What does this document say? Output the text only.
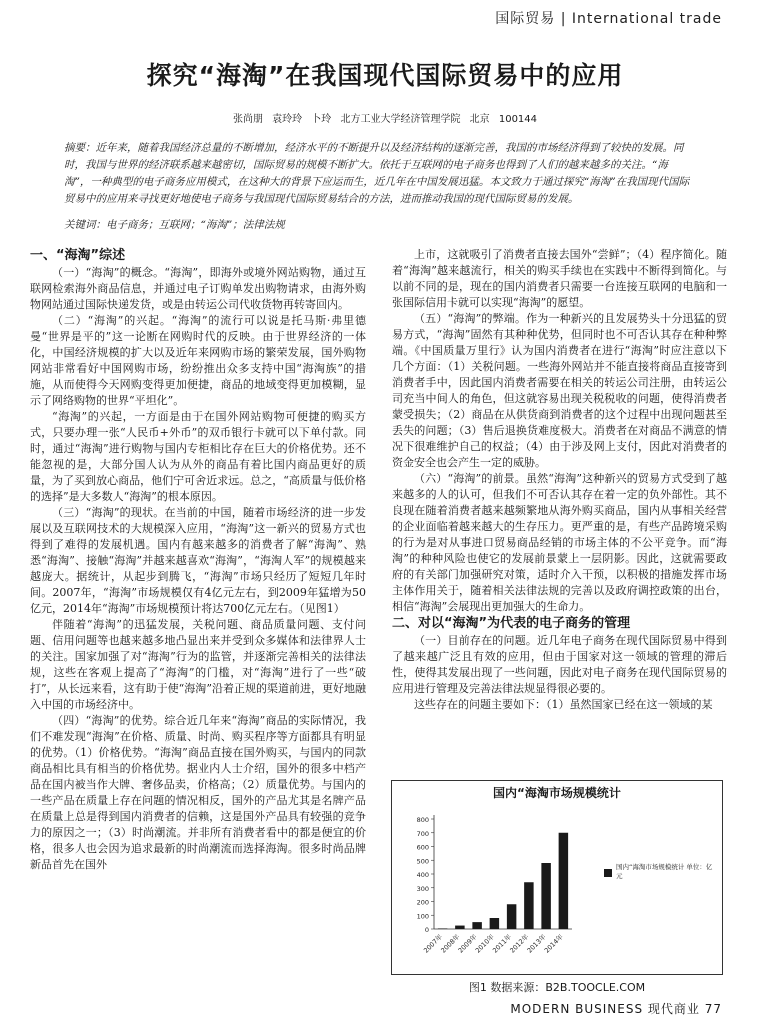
国际贸易 | International trade
探究“海淘”在我国现代国际贸易中的应用
张尚朋 袁玲玲 卜玲 北方工业大学经济管理学院 北京 100144
摘要：近年来，随着我国经济总量的不断增加，经济水平的不断提升以及经济结构的逐渐完善，我国的市场经济得到了较快的发展。同时，我国与世界的经济联系越来越密切，国际贸易的规模不断扩大。依托于互联网的电子商务也得到了人们的越来越多的关注。“海淘”，一种典型的电子商务应用模式，在这种大的背景下应运而生，近几年在中国发展迅猛。本文致力于通过探究“海淘”在我国现代国际贸易中的应用来寻找更好地使电子商务与我国现代国际贸易结合的方法，进而推动我国的现代国际贸易的发展。
关键词：电子商务；互联网；“海淘”；法律法规
一、“海淘”综述

（一）“海淘”的概念。“海淘”，即海外或境外网站购物，通过互联网检索海外商品信息，并通过电子订购单发出购物请求，由海外购物网站通过国际快递发货，或是由转运公司代收货物再转寄回内。

（二）“海淘”的兴起。“海淘”的流行可以说是托马斯·弗里德曼“世界是平的”这一论断在网购时代的反映。由于世界经济的一体化，中国经济规模的扩大以及近年来网购市场的繁荣发展，国外购物网站非常看好中国网购市场，纷纷推出众多支持中国“海淘族”的措施，从而使得今天网购变得更加便捷，商品的地域变得更加模糊，显示了网络购物的世界“平坦化”。

“海淘”的兴起，一方面是由于在国外网站购物可便捷的购买方式，只要办理一张“人民币+外币”的双币银行卡就可以下单付款。同时，通过“海淘”进行购物与国内专柜相比存在巨大的价格优势。还不能忽视的是，大部分国人认为从外的商品有着比国内商品更好的质量，为了买到放心商品，他们宁可舍近求远。总之，“高质量与低价格的选择”是大多数人“海淘”的根本原因。

（三）“海淘”的现状。在当前的中国，随着市场经济的进一步发展以及互联网技术的大规模深入应用，“海淘”这一新兴的贸易方式也得到了难得的发展机遇。国内有越来越多的消费者了解“海淘”、熟悉“海淘”、接触“海淘”并越来越喜欢“海淘”，“海淘人军”的规模越来越庞大。据统计，从起步到腾飞，“海淘”市场只经历了短短几年时间。2007年，“海淘”市场规模仅有4亿元左右，到2009年猛增为50亿元，2014年“海淘”市场规模预计将达700亿元左右。（见图1）

伴随着“海淘”的迅猛发展，关税问题、商品质量问题、支付问题、信用问题等也越来越多地凸显出来并受到众多媒体和法律界人士的关注。国家加强了对“海淘”行为的监管，并逐渐完善相关的法律法规，这些在客观上提高了“海淘”的门槛，对“海淘”进行了一些“破打”，从长远来看，这有助于使“海淘”沿着正规的渠道前进，更好地融入中国的市场经济中。

（四）“海淘”的优势。综合近几年来“海淘”商品的实际情况，我们不难发现“海淘”在价格、质量、时尚、购买程序等方面都具有明显的优势。（1）价格优势。“海淘”商品直接在国外购买，与国内的同款商品相比具有相当的价格优势。据业内人士介绍，国外的很多中档产品在国内被当作大牌、奢侈品卖，价格高；（2）质量优势。与国内的一些产品在质量上存在问题的情况相反，国外的产品尤其是名牌产品在质量上总是得到国内消费者的信赖，这是国外产品具有较强的竞争力的原因之一；（3）时尚潮流。并非所有消费者看中的都是便宜的价格，很多人也会因为追求最新的时尚潮流而选择海淘。很多时尚品牌新品首先在国外

上市，这就吸引了消费者直接去国外“尝鲜”；（4）程序简化。随着“海淘”越来越流行，相关的购买手续也在实践中不断得到简化。与以前不同的是，现在的国内消费者只需要一台连接互联网的电脑和一张国际信用卡就可以实现“海淘”的愿望。

（五）“海淘”的弊端。作为一种新兴的且发展势头十分迅猛的贸易方式，“海淘”固然有其种种优势，但同时也不可否认其存在种种弊端。《中国质量万里行》认为国内消费者在进行“海淘”时应注意以下几个方面：（1）关税问题。一些海外网站并不能直接将商品直接寄到消费者手中，因此国内消费者需要在相关的转运公司注册，由转运公司充当中间人的角色，但这就容易出现关税税收的问题，使得消费者蒙受损失；（2）商品在从供货商到消费者的这个过程中出现问题甚至丢失的问题；（3）售后退换货难度极大。消费者在对商品不满意的情况下很难维护自己的权益；（4）由于涉及网上支付，因此对消费者的资金安全也会产生一定的威胁。

（六）“海淘”的前景。虽然“海淘”这种新兴的贸易方式受到了越来越多的人的认可，但我们不可否认其存在着一定的负外部性。其不良现在随着消费者越来越频繁地从海外购买商品，国内从事相关经营的企业面临着越来越大的生存压力。更严重的是，有些产品跨境采购的行为是对从事进口贸易商品经销的市场主体的不公平竞争。而“海淘”的种种风险也使它的发展前景蒙上一层阴影。因此，这就需要政府的有关部门加强研究对策，适时介入干预，以积极的措施发挥市场主体作用关于，随着相关法律法规的完善以及政府调控政策的出台，相信“海淘”会展现出更加强大的生命力。

二、对以“海淘”为代表的电子商务的管理

（一）目前存在的问题。近几年电子商务在现代国际贸易中得到了越来越广泛且有效的应用，但由于国家对这一领域的管理的滞后性，使得其发展出现了一些问题，因此对电子商务在现代国际贸易的应用进行管理及完善法律法规显得很必要的。

这些存在的问题主要如下：（1）虽然国家已经在这一领域的某

国内“海淘市场规模统计
0
100
200
300
400
500
600
700
800
2007年
2008年
2009年
2010年
2011年
2012年
2013年
2014年
国内“海淘市场规模统计 单位：亿元
图1 数据来源：B2B.TOOCLE.COM
MODERN BUSINESS 现代商业 77
